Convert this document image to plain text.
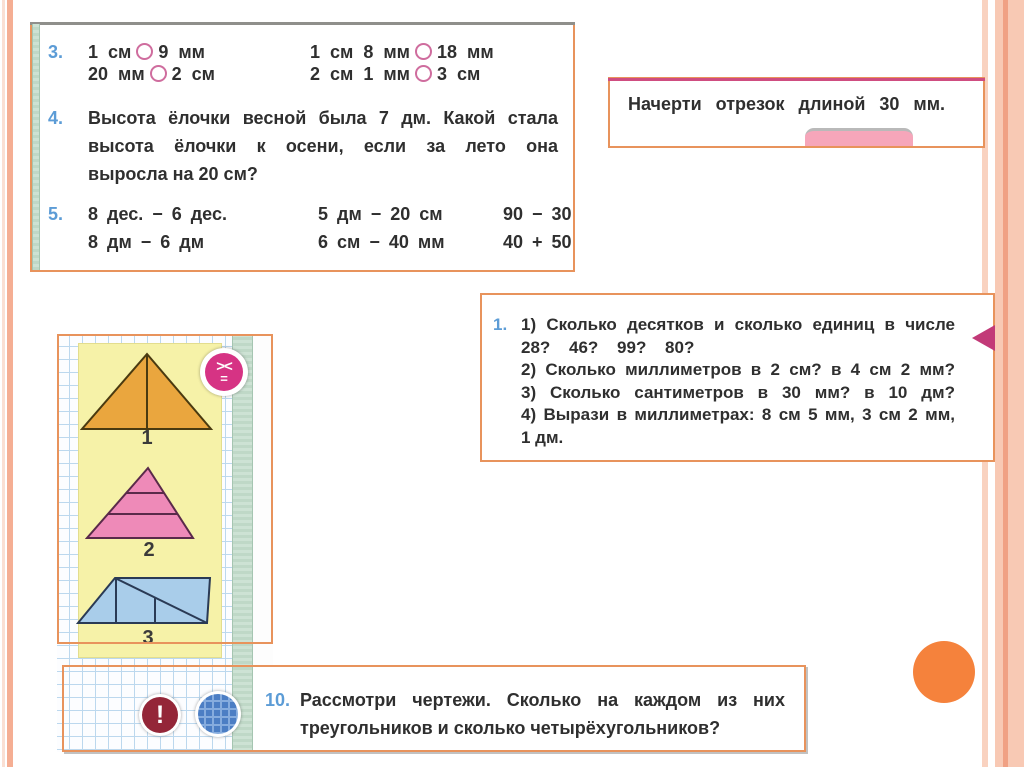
1
2
3
><
=
!
3. 1 см 9 мм	1 см 8 мм 18 мм
20 мм 2 см	2 см 1 мм 3 см
4. Высота ёлочки весной была 7 дм. Какой стала
высота ёлочки к осени, если за лето она
выросла на 20 см?
5. 8 дес. − 6 дес.
8 дм − 6 дм
5 дм − 20 см
6 см − 40 мм
90 − 30
40 + 50
Начерти отрезок длиной 30 мм.
1. 1) Сколько десятков и сколько единиц в числе
28? 46? 99? 80?
2) Сколько миллиметров в 2 см? в 4 см 2 мм?
3) Сколько сантиметров в 30 мм? в 10 дм?
4) Вырази в миллиметрах: 8 см 5 мм, 3 см 2 мм,
1 дм.
10. Рассмотри чертежи. Сколько на каждом из них
треугольников и сколько четырёхугольников?
